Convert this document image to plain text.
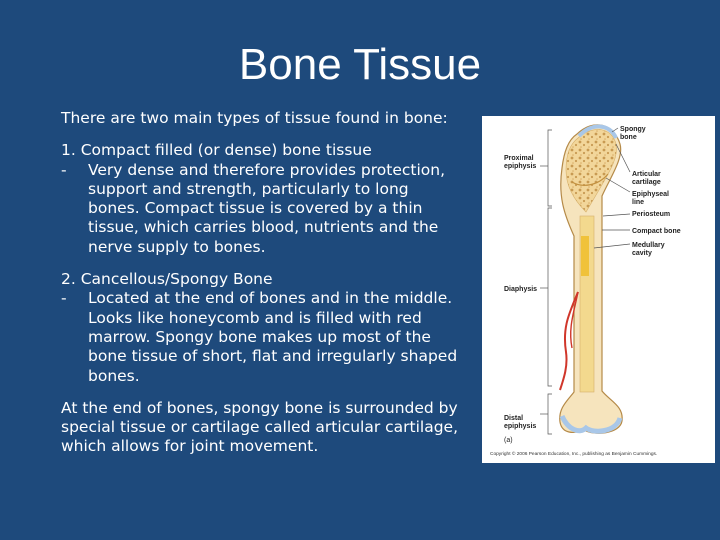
Bone Tissue

There are two main types of tissue found in bone:

1. Compact filled (or dense) bone tissue

-	Very dense and therefore provides protection, support and strength, particularly to long bones. Compact tissue is covered by a thin tissue, which carries blood, nutrients and the nerve supply to bones.

2. Cancellous/Spongy Bone

-	Located at the end of bones and in the middle. Looks like honeycomb and is filled with red marrow. Spongy bone makes up most of the bone tissue of short, flat and irregularly shaped bones.

At the end of bones, spongy bone is surrounded by special tissue or cartilage called articular cartilage, which allows for joint movement.

Spongy
bone
Proximal
epiphysis
Articular
cartilage
Epiphyseal
line
Periosteum
Compact bone
Medullary
cavity
Diaphysis
Distal
epiphysis
(a)
Copyright © 2006 Pearson Education, Inc., publishing as Benjamin Cummings.
